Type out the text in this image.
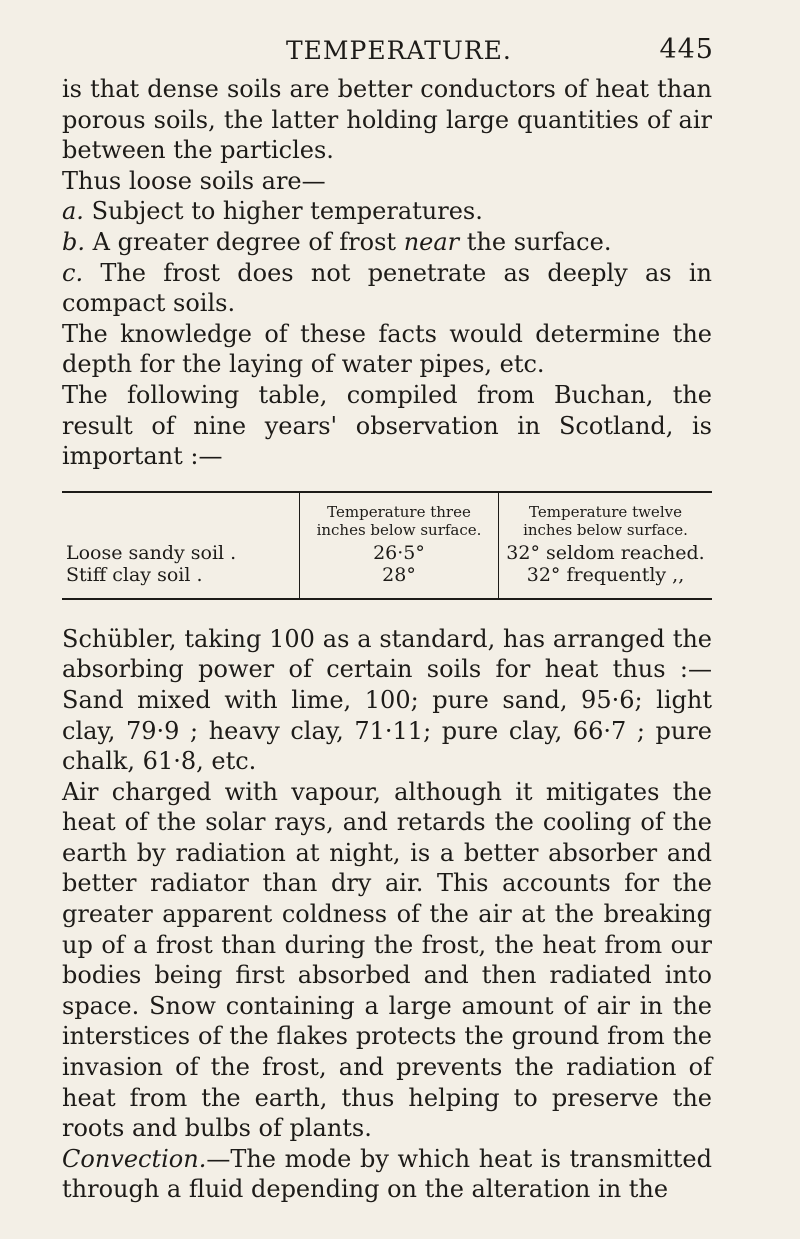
TEMPERATURE.	445

is that dense soils are better conductors of heat than porous soils, the latter holding large quantities of air between the particles.

Thus loose soils are—

a. Subject to higher temperatures.

b. A greater degree of frost near the surface.

c. The frost does not penetrate as deeply as in compact soils.

The knowledge of these facts would determine the depth for the laying of water pipes, etc.

The following table, compiled from Buchan, the result of nine years' observation in Scotland, is important :—

	Temperature three inches below surface.	Temperature twelve inches below surface.
Loose sandy soil .	26·5°	32° seldom reached.
Stiff clay soil .	28°	32° frequently ,,

Schübler, taking 100 as a standard, has arranged the absorbing power of certain soils for heat thus :—Sand mixed with lime, 100; pure sand, 95·6; light clay, 79·9 ; heavy clay, 71·11; pure clay, 66·7 ; pure chalk, 61·8, etc.

Air charged with vapour, although it mitigates the heat of the solar rays, and retards the cooling of the earth by radiation at night, is a better absorber and better radiator than dry air. This accounts for the greater apparent coldness of the air at the breaking up of a frost than during the frost, the heat from our bodies being first absorbed and then radiated into space. Snow containing a large amount of air in the interstices of the flakes protects the ground from the invasion of the frost, and prevents the radiation of heat from the earth, thus helping to preserve the roots and bulbs of plants.

Convection.—The mode by which heat is transmitted through a fluid depending on the alteration in the
